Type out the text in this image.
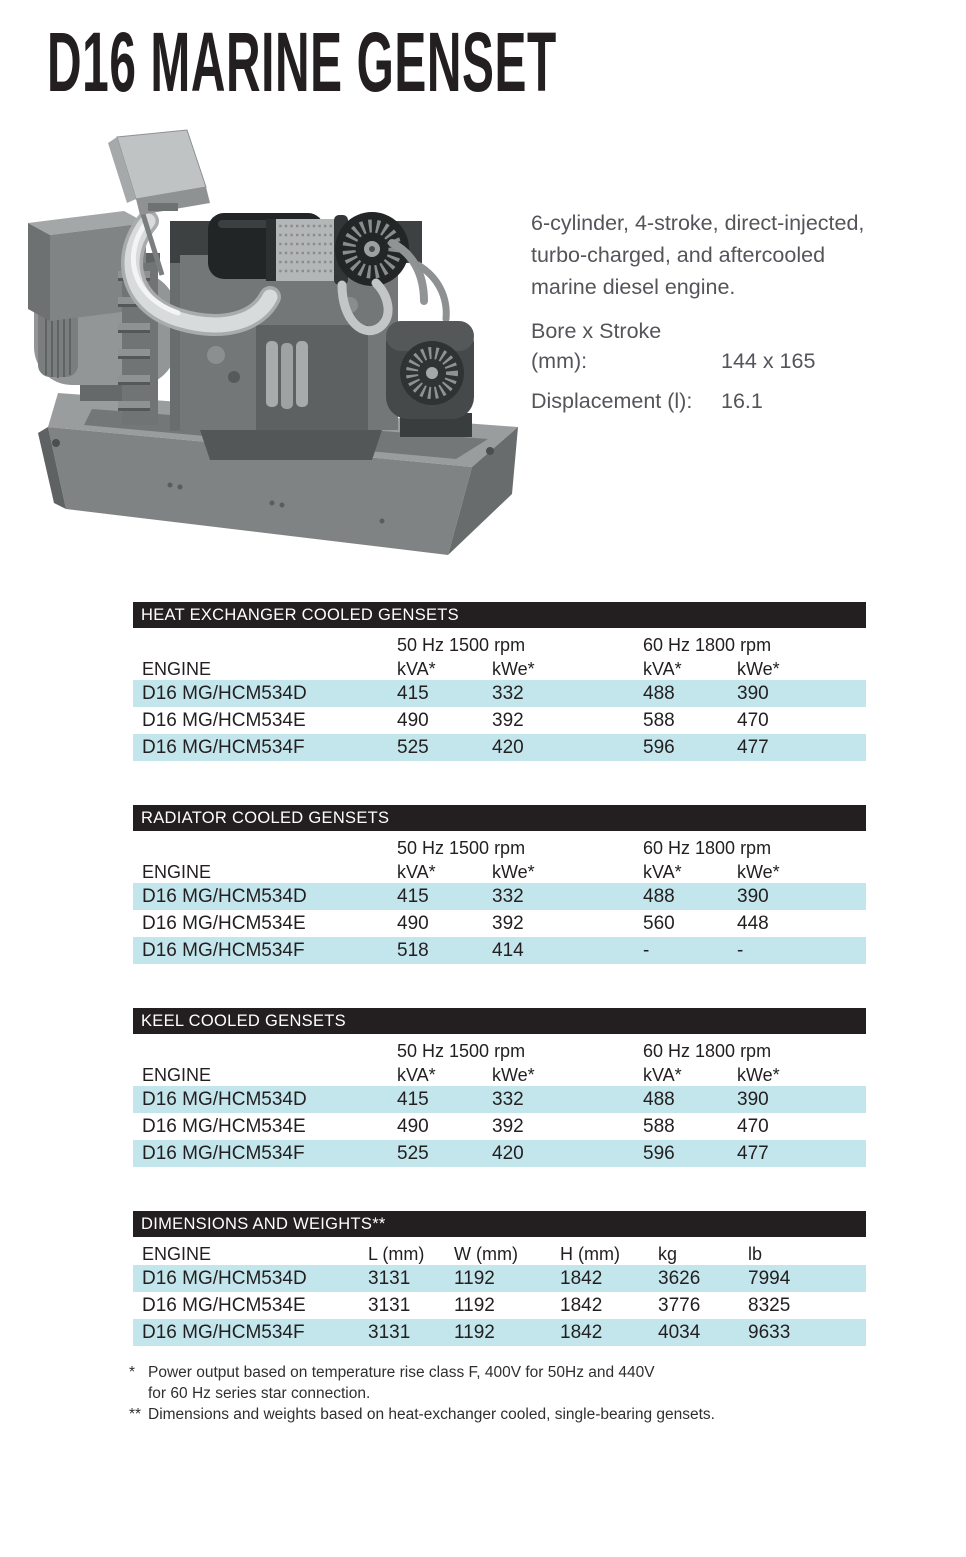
D16 MARINE GENSET
6-cylinder, 4-stroke, direct-injected,
turbo-charged, and aftercooled
marine diesel engine.
Bore x Stroke (mm):	144 x 165
Displacement (l): 16.1
HEAT EXCHANGER COOLED GENSETS
50 Hz 1500 rpm	60 Hz 1800 rpm
ENGINE	kVA*	kWe*	kVA*	kWe*
D16 MG/HCM534D	415	332	488	390
D16 MG/HCM534E	490	392	588	470
D16 MG/HCM534F	525	420	596	477
RADIATOR COOLED GENSETS
50 Hz 1500 rpm	60 Hz 1800 rpm
ENGINE	kVA*	kWe*	kVA*	kWe*
D16 MG/HCM534D	415	332	488	390
D16 MG/HCM534E	490	392	560	448
D16 MG/HCM534F	518	414	-	-
KEEL COOLED GENSETS
50 Hz 1500 rpm	60 Hz 1800 rpm
ENGINE	kVA*	kWe*	kVA*	kWe*
D16 MG/HCM534D	415	332	488	390
D16 MG/HCM534E	490	392	588	470
D16 MG/HCM534F	525	420	596	477
DIMENSIONS AND WEIGHTS**
ENGINE	L (mm)	W (mm)	H (mm)	kg	lb
D16 MG/HCM534D	3131	1192	1842	3626	7994
D16 MG/HCM534E	3131	1192	1842	3776	8325
D16 MG/HCM534F	3131	1192	1842	4034	9633
* Power output based on temperature rise class F, 400V for 50Hz and 440V
for 60 Hz series star connection.
** Dimensions and weights based on heat-exchanger cooled, single-bearing gensets.
